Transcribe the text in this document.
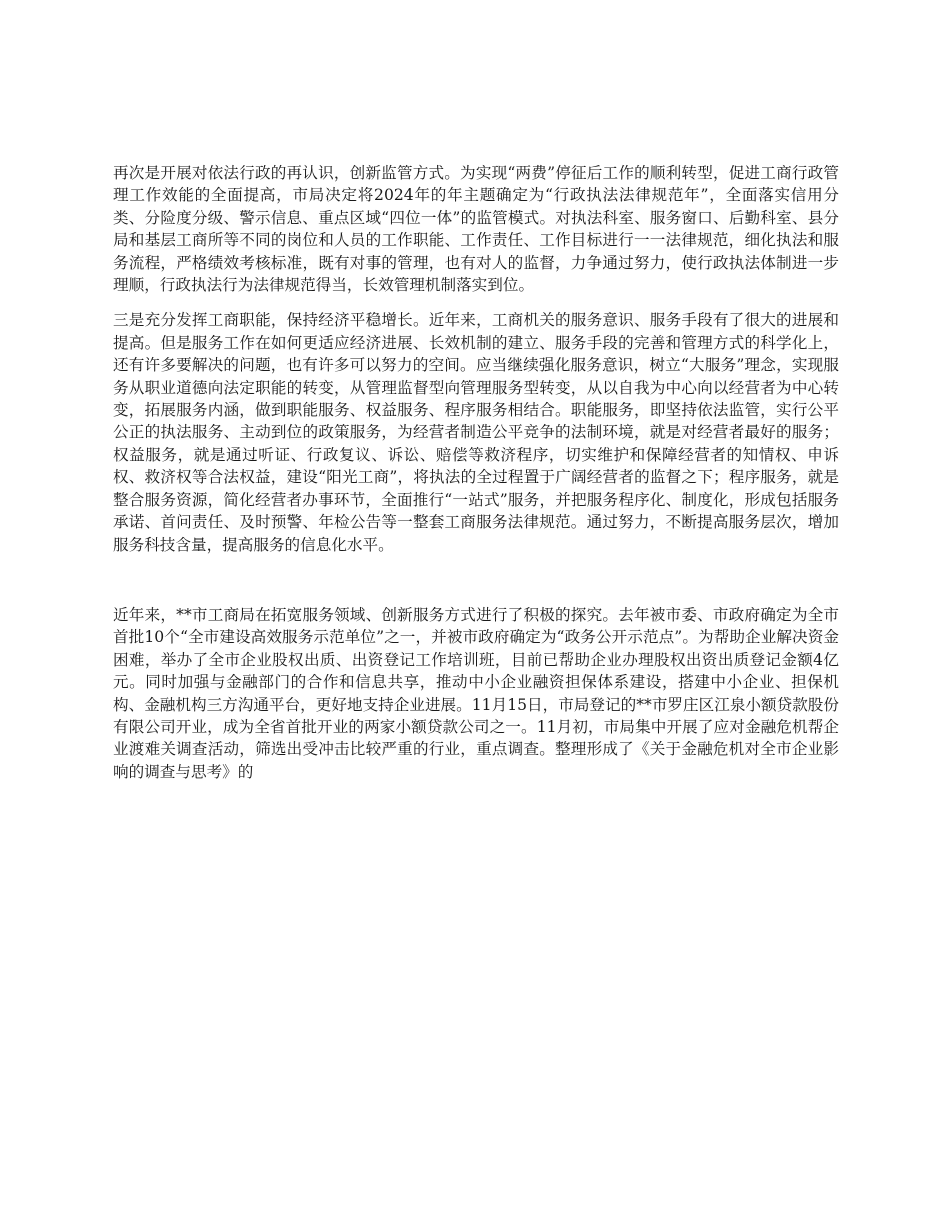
再次是开展对依法行政的再认识，创新监管方式。为实现“两费”停征后工作的顺利转型，促进工商行政管理工作效能的全面提高，市局决定将2024年的年主题确定为“行政执法法律规范年”，全面落实信用分类、分险度分级、警示信息、重点区域“四位一体”的监管模式。对执法科室、服务窗口、后勤科室、县分局和基层工商所等不同的岗位和人员的工作职能、工作责任、工作目标进行一一法律规范，细化执法和服务流程，严格绩效考核标准，既有对事的管理，也有对人的监督，力争通过努力，使行政执法体制进一步理顺，行政执法行为法律规范得当，长效管理机制落实到位。

三是充分发挥工商职能，保持经济平稳增长。近年来，工商机关的服务意识、服务手段有了很大的进展和提高。但是服务工作在如何更适应经济进展、长效机制的建立、服务手段的完善和管理方式的科学化上，还有许多要解决的问题，也有许多可以努力的空间。应当继续强化服务意识，树立“大服务”理念，实现服务从职业道德向法定职能的转变，从管理监督型向管理服务型转变，从以自我为中心向以经营者为中心转变，拓展服务内涵，做到职能服务、权益服务、程序服务相结合。职能服务，即坚持依法监管，实行公平公正的执法服务、主动到位的政策服务，为经营者制造公平竞争的法制环境，就是对经营者最好的服务；权益服务，就是通过听证、行政复议、诉讼、赔偿等救济程序，切实维护和保障经营者的知情权、申诉权、救济权等合法权益，建设“阳光工商”，将执法的全过程置于广阔经营者的监督之下；程序服务，就是整合服务资源，简化经营者办事环节，全面推行“一站式”服务，并把服务程序化、制度化，形成包括服务承诺、首问责任、及时预警、年检公告等一整套工商服务法律规范。通过努力，不断提高服务层次，增加服务科技含量，提高服务的信息化水平。

近年来，**市工商局在拓宽服务领域、创新服务方式进行了积极的探究。去年被市委、市政府确定为全市首批10个“全市建设高效服务示范单位”之一，并被市政府确定为“政务公开示范点”。为帮助企业解决资金困难，举办了全市企业股权出质、出资登记工作培训班，目前已帮助企业办理股权出资出质登记金额4亿元。同时加强与金融部门的合作和信息共享，推动中小企业融资担保体系建设，搭建中小企业、担保机构、金融机构三方沟通平台，更好地支持企业进展。11月15日，市局登记的**市罗庄区江泉小额贷款股份有限公司开业，成为全省首批开业的两家小额贷款公司之一。11月初，市局集中开展了应对金融危机帮企业渡难关调查活动，筛选出受冲击比较严重的行业，重点调查。整理形成了《关于金融危机对全市企业影响的调查与思考》的
